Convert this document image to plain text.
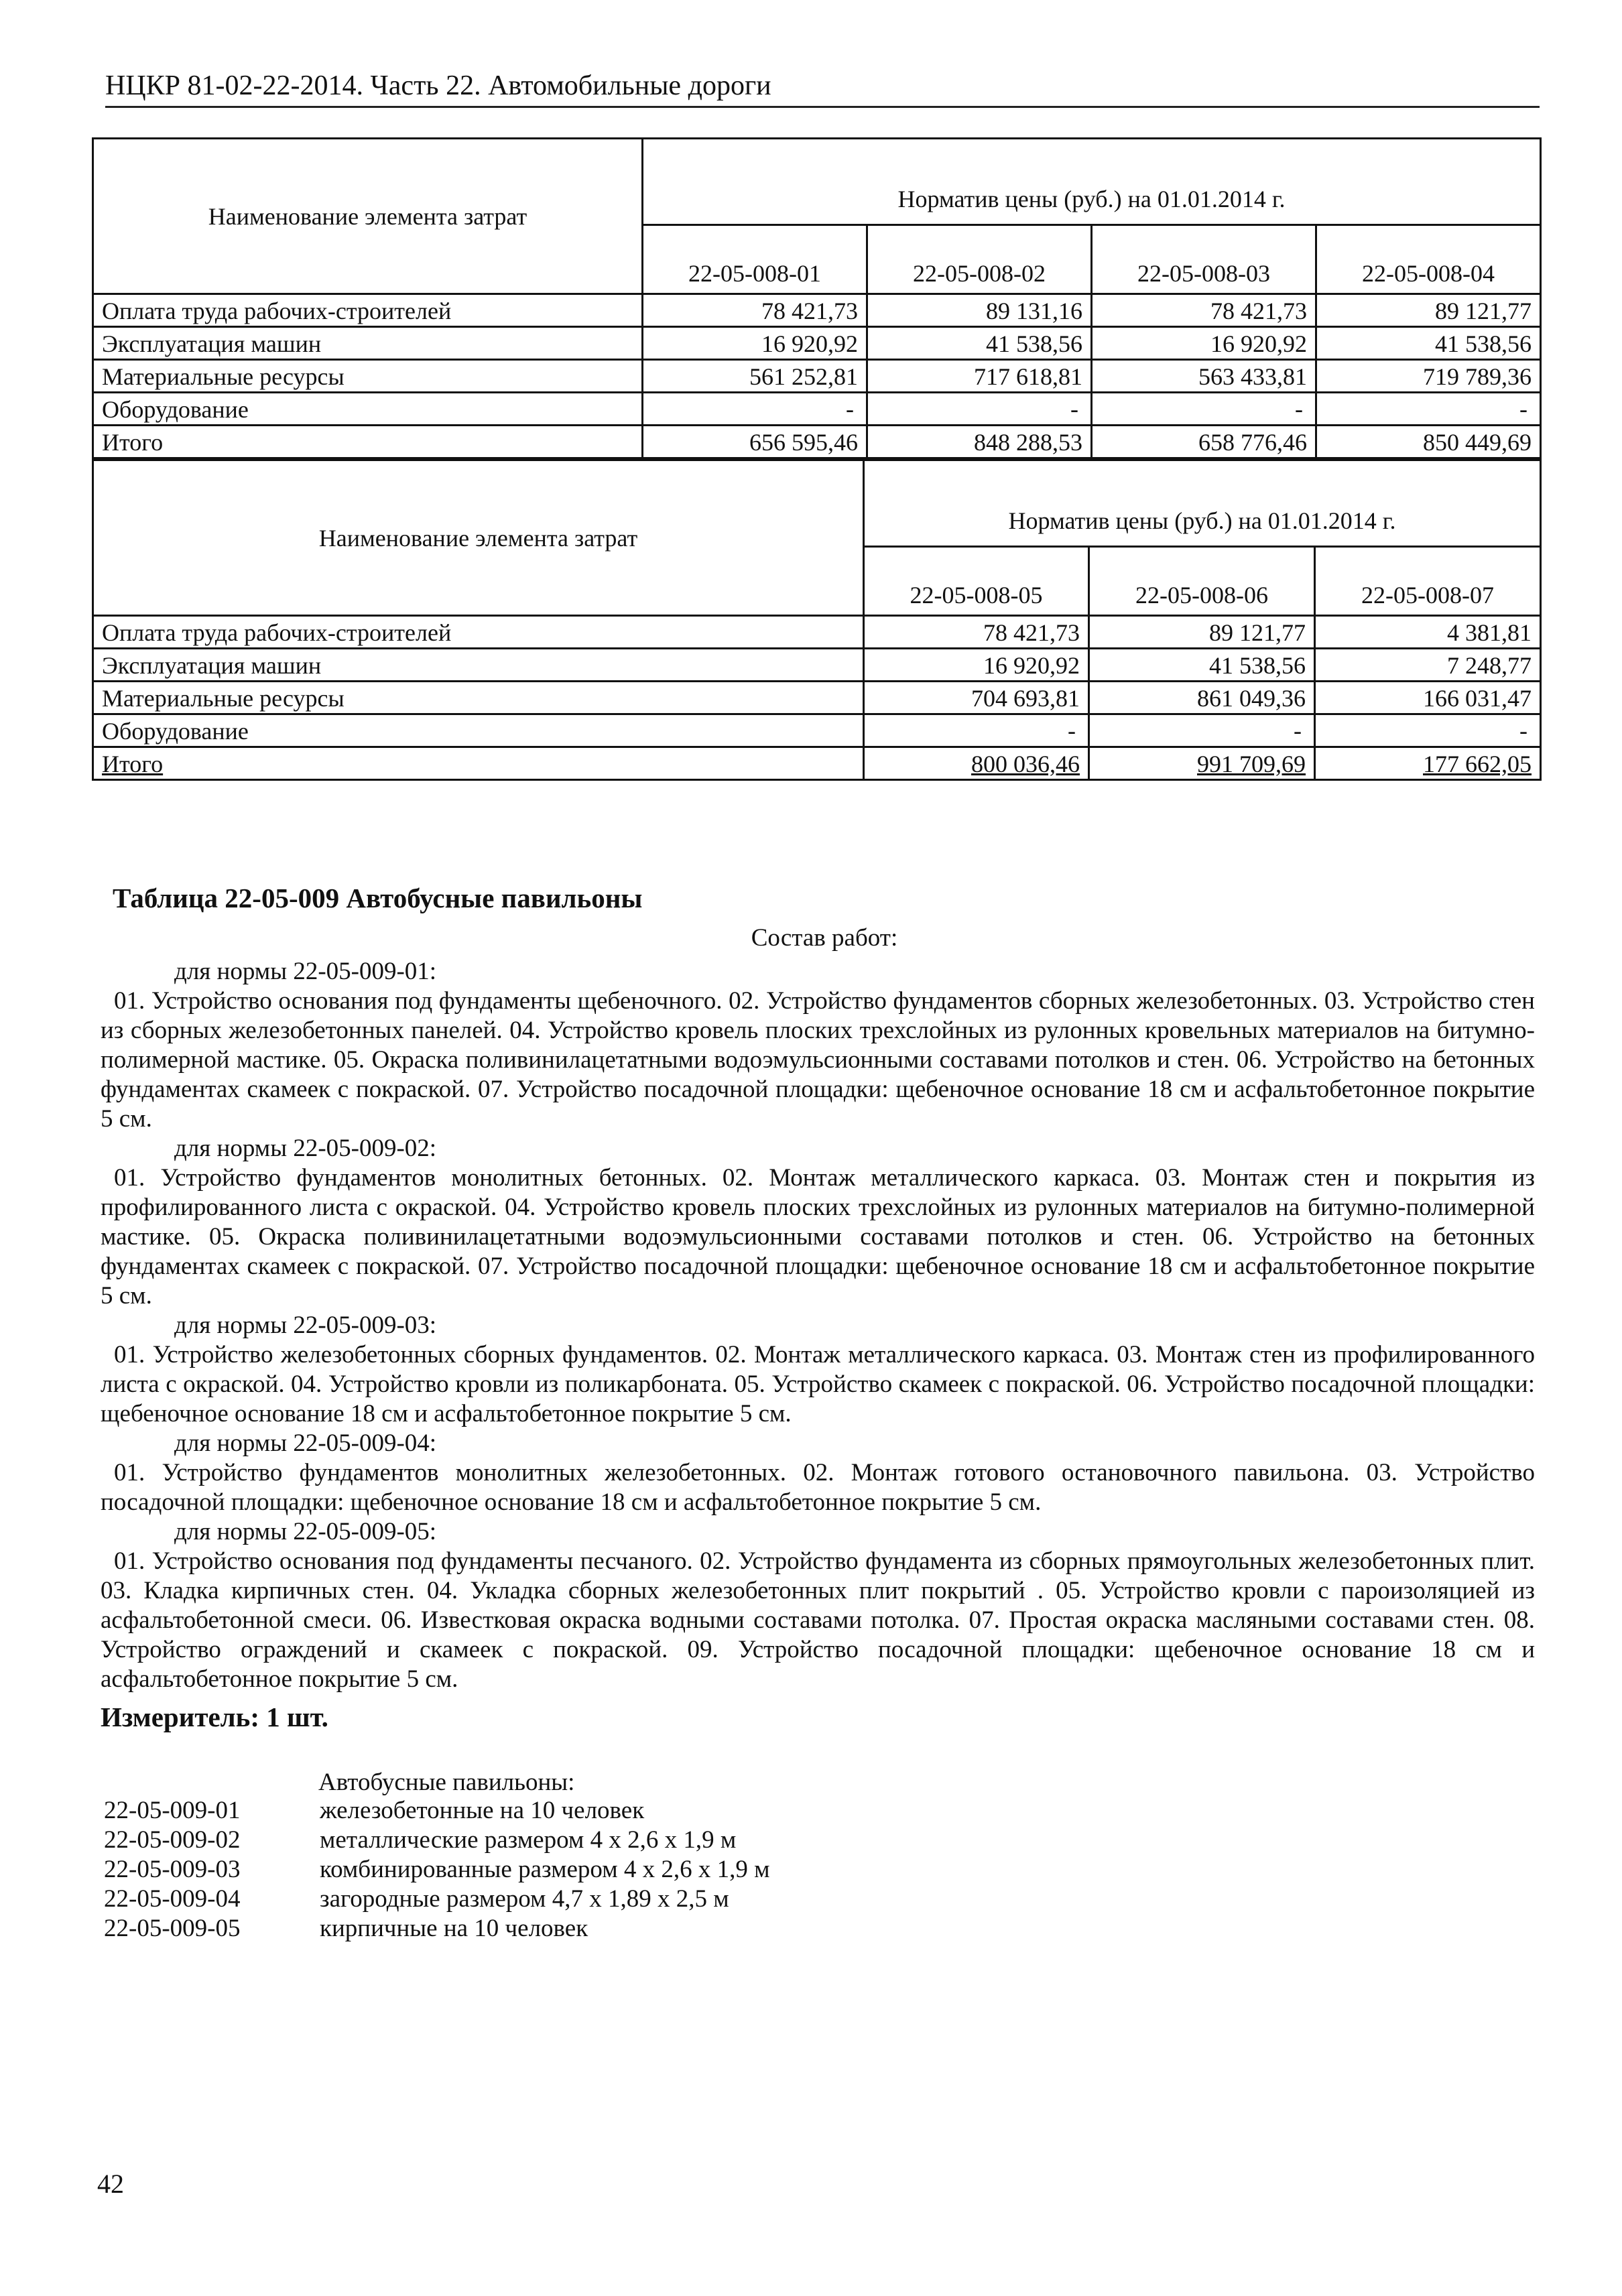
НЦКР 81-02-22-2014. Часть 22. Автомобильные дороги
Наименование элемента затрат	Норматив цены (руб.) на 01.01.2014 г.			
	22-05-008-01	22-05-008-02	22-05-008-03	22-05-008-04
Оплата труда рабочих-строителей	78 421,73	89 131,16	78 421,73	89 121,77
Эксплуатация машин	16 920,92	41 538,56	16 920,92	41 538,56
Материальные ресурсы	561 252,81	717 618,81	563 433,81	719 789,36
Оборудование	-	-	-	-
Итого	656 595,46	848 288,53	658 776,46	850 449,69
Наименование элемента затрат	Норматив цены (руб.) на 01.01.2014 г.		
	22-05-008-05	22-05-008-06	22-05-008-07
Оплата труда рабочих-строителей	78 421,73	89 121,77	4 381,81
Эксплуатация машин	16 920,92	41 538,56	7 248,77
Материальные ресурсы	704 693,81	861 049,36	166 031,47
Оборудование	-	-	-
Итого	800 036,46	991 709,69	177 662,05
Таблица 22-05-009 Автобусные павильоны
Состав работ:
для нормы 22-05-009-01:

01. Устройство основания под фундаменты щебеночного. 02. Устройство фундаментов сборных железобетонных. 03. Устройство стен из сборных железобетонных панелей. 04. Устройство кровель плоских трехслойных из рулонных кровельных материалов на битумно-полимерной мастике. 05. Окраска поливинилацетатными водоэмульсионными составами потолков и стен. 06. Устройство на бетонных фундаментах скамеек с покраской. 07. Устройство посадочной площадки: щебеночное основание 18 см и асфальтобетонное покрытие 5 см.

для нормы 22-05-009-02:

01. Устройство фундаментов монолитных бетонных. 02. Монтаж металлического каркаса. 03. Монтаж стен и покрытия из профилированного листа с окраской. 04. Устройство кровель плоских трехслойных из рулонных материалов на битумно-полимерной мастике. 05. Окраска поливинилацетатными водоэмульсионными составами потолков и стен. 06. Устройство на бетонных фундаментах скамеек с покраской. 07. Устройство посадочной площадки: щебеночное основание 18 см и асфальтобетонное покрытие 5 см.

для нормы 22-05-009-03:

01. Устройство железобетонных сборных фундаментов. 02. Монтаж металлического каркаса. 03. Монтаж стен из профилированного листа с окраской. 04. Устройство кровли из поликарбоната. 05. Устройство скамеек с покраской. 06. Устройство посадочной площадки: щебеночное основание 18 см и асфальтобетонное покрытие 5 см.

для нормы 22-05-009-04:

01. Устройство фундаментов монолитных железобетонных. 02. Монтаж готового остановочного павильона. 03. Устройство посадочной площадки: щебеночное основание 18 см и асфальтобетонное покрытие 5 см.

для нормы 22-05-009-05:

01. Устройство основания под фундаменты песчаного. 02. Устройство фундамента из сборных прямоугольных железобетонных плит. 03. Кладка кирпичных стен. 04. Укладка сборных железобетонных плит покрытий . 05. Устройство кровли с пароизоляцией из асфальтобетонной смеси. 06. Известковая окраска водными составами потолка. 07. Простая окраска масляными составами стен. 08. Устройство ограждений и скамеек с покраской. 09. Устройство посадочной площадки: щебеночное основание 18 см и асфальтобетонное покрытие 5 см.

Измеритель: 1 шт.
Автобусные павильоны:
22-05-009-01	железобетонные на 10 человек
22-05-009-02	металлические размером 4 х 2,6 х 1,9 м
22-05-009-03	комбинированные размером 4 х 2,6 х 1,9 м
22-05-009-04	загородные размером 4,7 х 1,89 х 2,5 м
22-05-009-05	кирпичные на 10 человек
42
